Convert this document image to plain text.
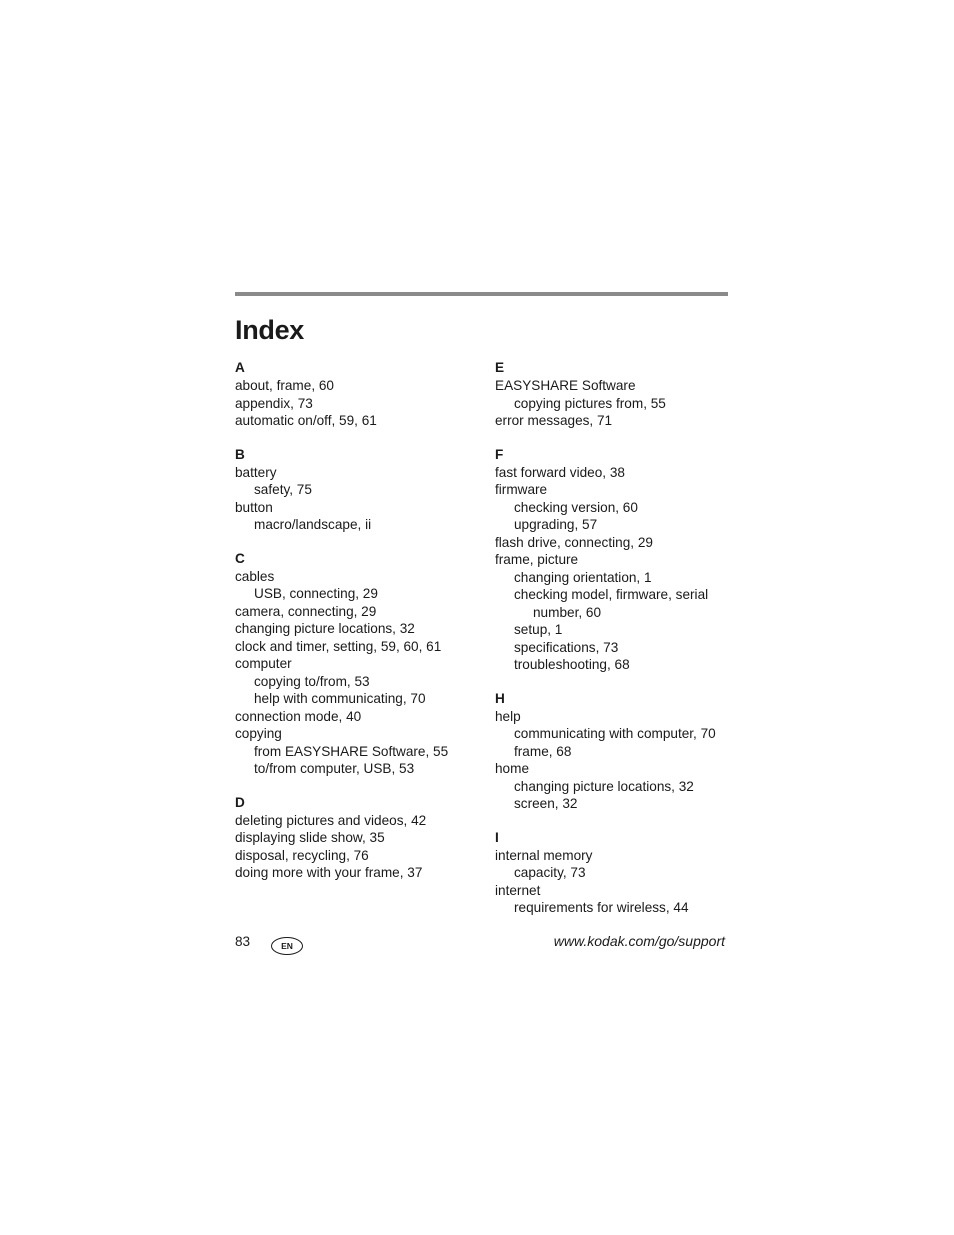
Index
A
about, frame, 60
appendix, 73
automatic on/off, 59, 61
B
battery
safety, 75
button
macro/landscape, ii
C
cables
USB, connecting, 29
camera, connecting, 29
changing picture locations, 32
clock and timer, setting, 59, 60, 61
computer
copying to/from, 53
help with communicating, 70
connection mode, 40
copying
from EASYSHARE Software, 55
to/from computer, USB, 53
D
deleting pictures and videos, 42
displaying slide show, 35
disposal, recycling, 76
doing more with your frame, 37
E
EASYSHARE Software
copying pictures from, 55
error messages, 71
F
fast forward video, 38
firmware
checking version, 60
upgrading, 57
flash drive, connecting, 29
frame, picture
changing orientation, 1
checking model, firmware, serial
number, 60
setup, 1
specifications, 73
troubleshooting, 68
H
help
communicating with computer, 70
frame, 68
home
changing picture locations, 32
screen, 32
I
internal memory
capacity, 73
internet
requirements for wireless, 44
83	EN	www.kodak.com/go/support
